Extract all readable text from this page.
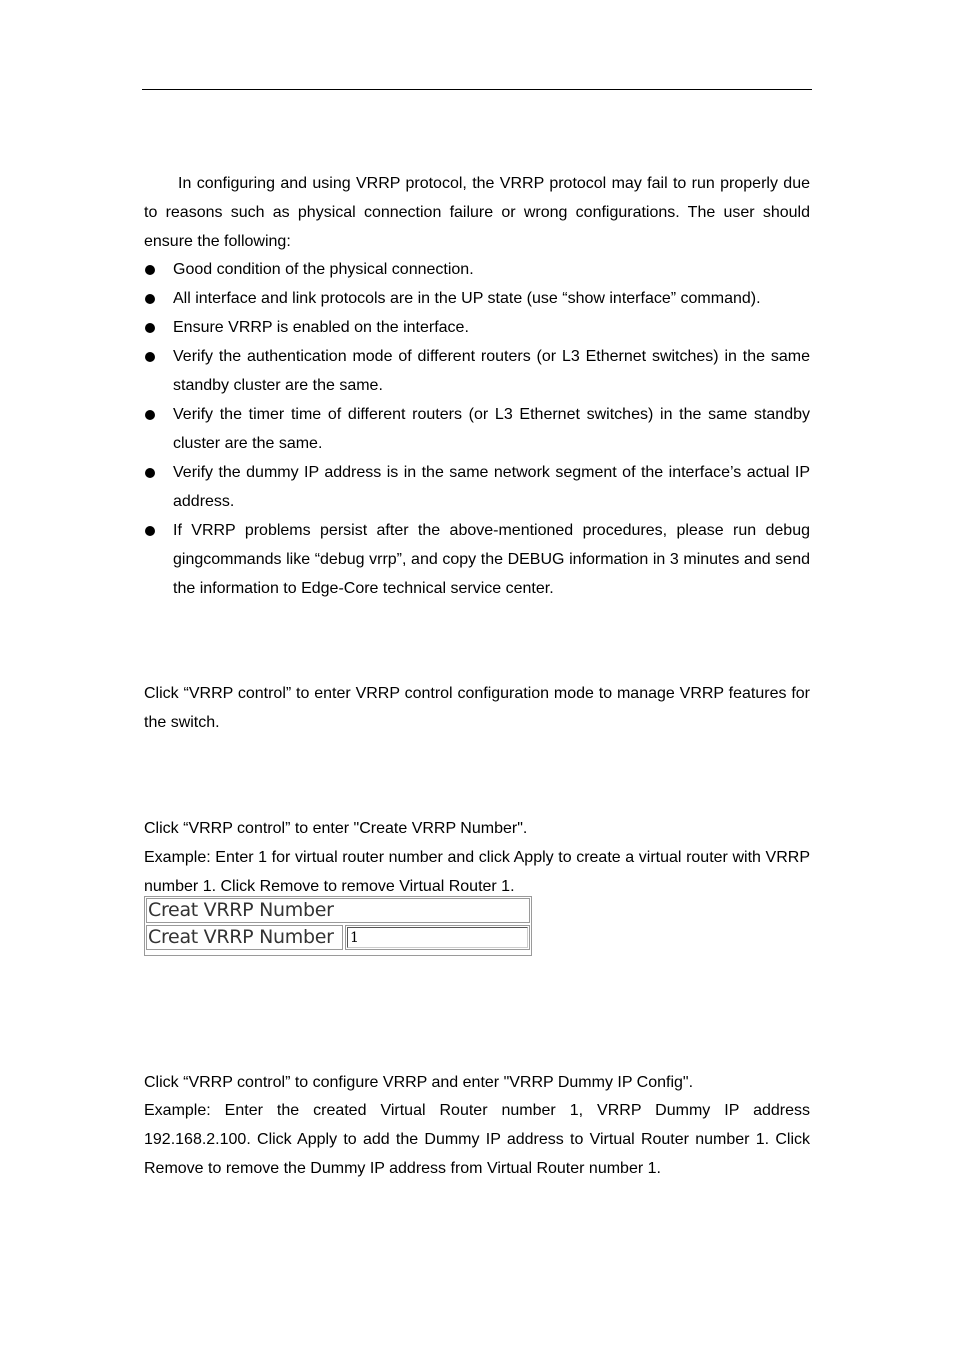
In configuring and using VRRP protocol, the VRRP protocol may fail to run properly due to reasons such as physical connection failure or wrong configurations. The user should ensure the following:

Good condition of the physical connection.
All interface and link protocols are in the UP state (use “show interface” command).
Ensure VRRP is enabled on the interface.
Verify the authentication mode of different routers (or L3 Ethernet switches) in the same standby cluster are the same.
Verify the timer time of different routers (or L3 Ethernet switches) in the same standby cluster are the same.
Verify the dummy IP address is in the same network segment of the interface’s actual IP address.
If VRRP problems persist after the above-mentioned procedures, please run debug gingcommands like “debug vrrp”, and copy the DEBUG information in 3 minutes and send the information to Edge-Core technical service center.

Click “VRRP control” to enter VRRP control configuration mode to manage VRRP features for the switch.

Click “VRRP control” to enter "Create VRRP Number".

Example: Enter 1 for virtual router number and click Apply to create a virtual router with VRRP number 1. Click Remove to remove Virtual Router 1.

Creat VRRP Number
Creat VRRP Number
1

Click “VRRP control” to configure VRRP and enter "VRRP Dummy IP Config".

Example: Enter the created Virtual Router number 1, VRRP Dummy IP address 192.168.2.100. Click Apply to add the Dummy IP address to Virtual Router number 1. Click Remove to remove the Dummy IP address from Virtual Router number 1.
